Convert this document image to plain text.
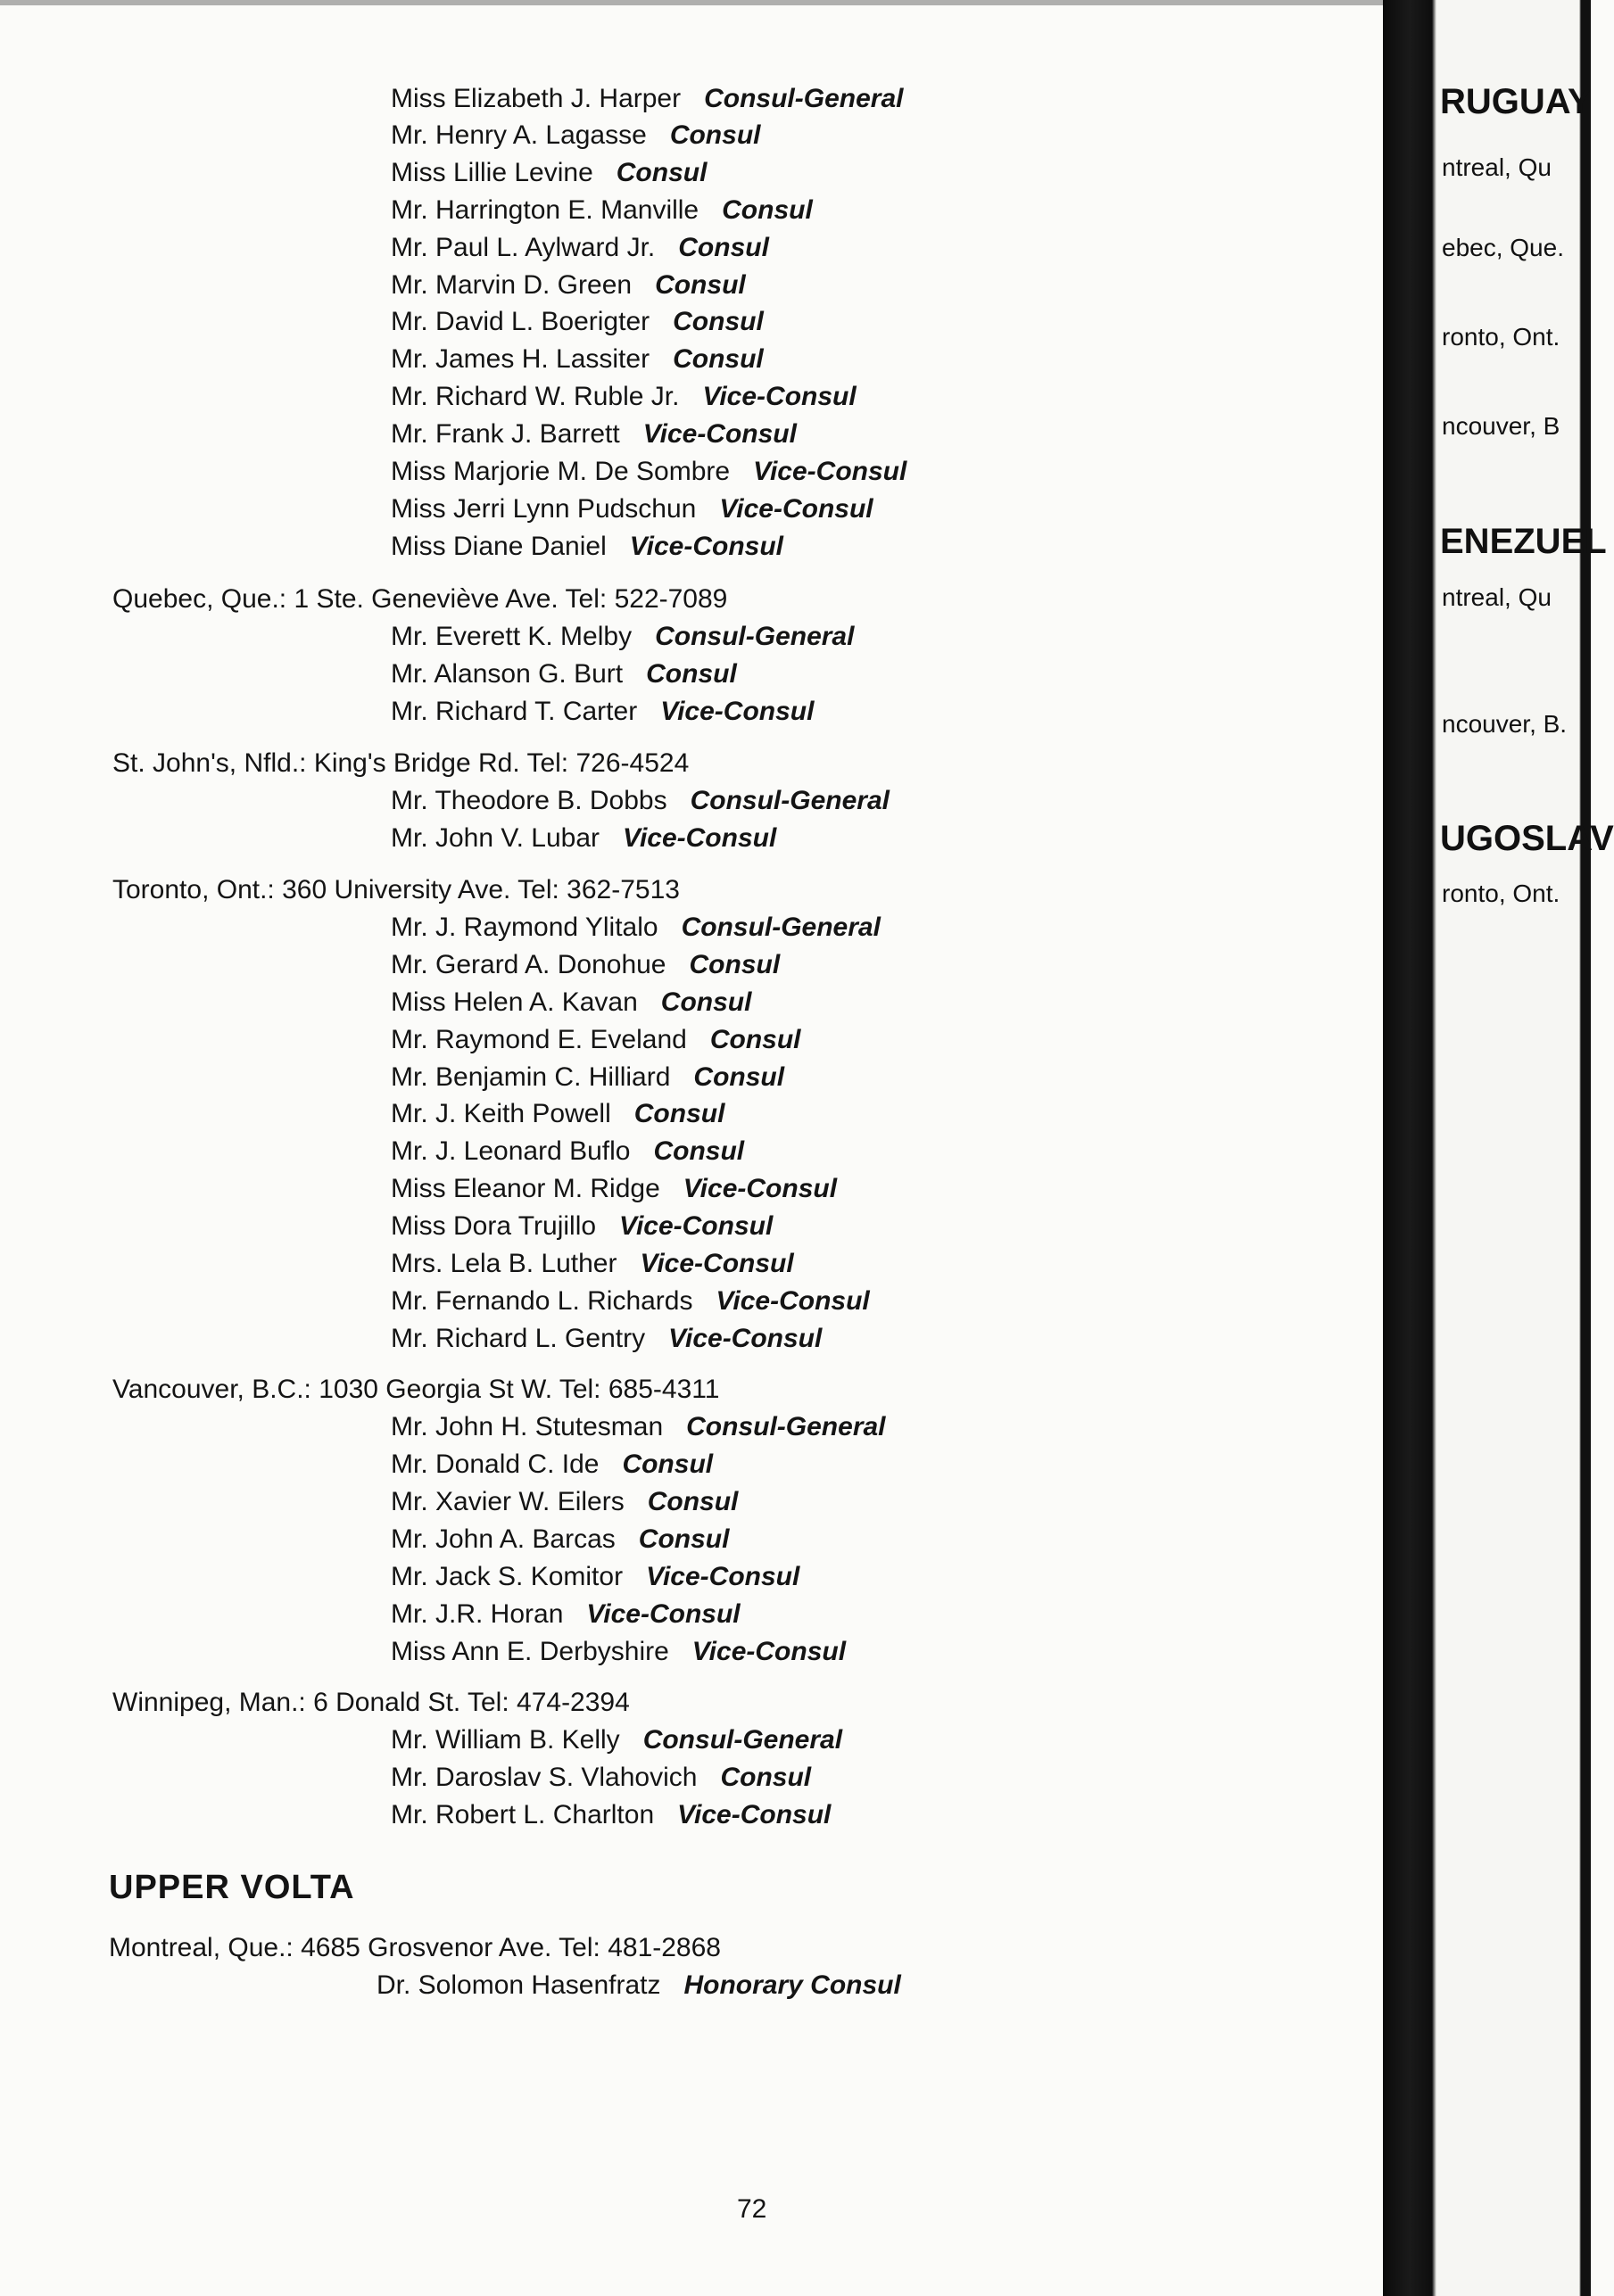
Miss Elizabeth J. Harper Consul-General
Mr. Henry A. Lagasse Consul
Miss Lillie Levine Consul
Mr. Harrington E. Manville Consul
Mr. Paul L. Aylward Jr. Consul
Mr. Marvin D. Green Consul
Mr. David L. Boerigter Consul
Mr. James H. Lassiter Consul
Mr. Richard W. Ruble Jr. Vice-Consul
Mr. Frank J. Barrett Vice-Consul
Miss Marjorie M. De Sombre Vice-Consul
Miss Jerri Lynn Pudschun Vice-Consul
Miss Diane Daniel Vice-Consul
Quebec, Que.: 1 Ste. Geneviève Ave. Tel: 522-7089
Mr. Everett K. Melby Consul-General
Mr. Alanson G. Burt Consul
Mr. Richard T. Carter Vice-Consul
St. John's, Nfld.: King's Bridge Rd. Tel: 726-4524
Mr. Theodore B. Dobbs Consul-General
Mr. John V. Lubar Vice-Consul
Toronto, Ont.: 360 University Ave. Tel: 362-7513
Mr. J. Raymond Ylitalo Consul-General
Mr. Gerard A. Donohue Consul
Miss Helen A. Kavan Consul
Mr. Raymond E. Eveland Consul
Mr. Benjamin C. Hilliard Consul
Mr. J. Keith Powell Consul
Mr. J. Leonard Buflo Consul
Miss Eleanor M. Ridge Vice-Consul
Miss Dora Trujillo Vice-Consul
Mrs. Lela B. Luther Vice-Consul
Mr. Fernando L. Richards Vice-Consul
Mr. Richard L. Gentry Vice-Consul
Vancouver, B.C.: 1030 Georgia St W. Tel: 685-4311
Mr. John H. Stutesman Consul-General
Mr. Donald C. Ide Consul
Mr. Xavier W. Eilers Consul
Mr. John A. Barcas Consul
Mr. Jack S. Komitor Vice-Consul
Mr. J.R. Horan Vice-Consul
Miss Ann E. Derbyshire Vice-Consul
Winnipeg, Man.: 6 Donald St. Tel: 474-2394
Mr. William B. Kelly Consul-General
Mr. Daroslav S. Vlahovich Consul
Mr. Robert L. Charlton Vice-Consul
UPPER VOLTA
Montreal, Que.: 4685 Grosvenor Ave. Tel: 481-2868
Dr. Solomon Hasenfratz Honorary Consul
72
RUGUAY
ntreal, Qu
ebec, Que.
ronto, Ont.
ncouver, B
ENEZUEL
ntreal, Qu
ncouver, B.
UGOSLAV
ronto, Ont.
